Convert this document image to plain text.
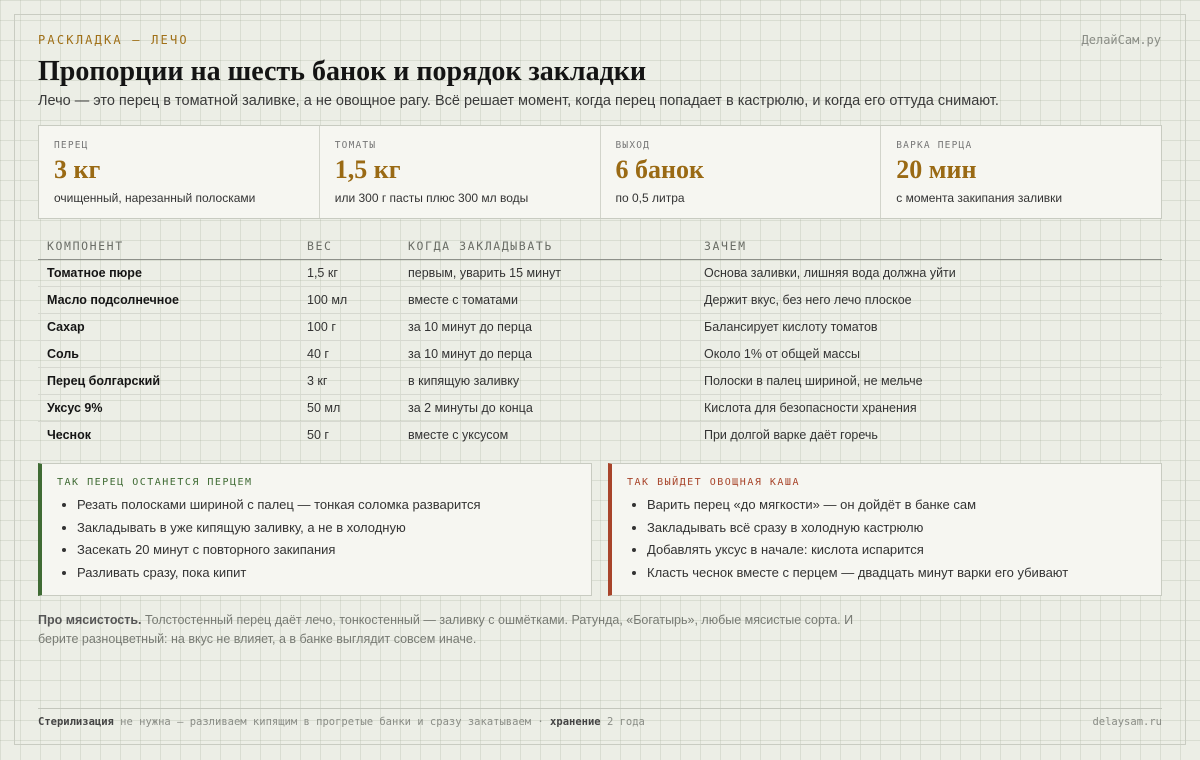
РАСКЛАДКА — ЛЕЧО	ДелайСам.ру
Пропорции на шесть банок и порядок закладки

Лечо — это перец в томатной заливке, а не овощное рагу. Всё решает момент, когда перец попадает в кастрюлю, и когда его оттуда снимают.

ПЕРЕЦ
3 кг
очищенный, нарезанный полосками
ТОМАТЫ
1,5 кг
или 300 г пасты плюс 300 мл воды
ВЫХОД
6 банок
по 0,5 литра
ВАРКА ПЕРЦА
20 мин
с момента закипания заливки
КОМПОНЕНТ	ВЕС	КОГДА ЗАКЛАДЫВАТЬ	ЗАЧЕМ
Томатное пюре	1,5 кг	первым, уварить 15 минут	Основа заливки, лишняя вода должна уйти
Масло подсолнечное	100 мл	вместе с томатами	Держит вкус, без него лечо плоское
Сахар	100 г	за 10 минут до перца	Балансирует кислоту томатов
Соль	40 г	за 10 минут до перца	Около 1% от общей массы
Перец болгарский	3 кг	в кипящую заливку	Полоски в палец шириной, не мельче
Уксус 9%	50 мл	за 2 минуты до конца	Кислота для безопасности хранения
Чеснок	50 г	вместе с уксусом	При долгой варке даёт горечь
ТАК ПЕРЕЦ ОСТАНЕТСЯ ПЕРЦЕМ
• Резать полосками шириной с палец — тонкая соломка разварится
• Закладывать в уже кипящую заливку, а не в холодную
• Засекать 20 минут с повторного закипания
• Разливать сразу, пока кипит
ТАК ВЫЙДЕТ ОВОЩНАЯ КАША
• Варить перец «до мягкости» — он дойдёт в банке сам
• Закладывать всё сразу в холодную кастрюлю
• Добавлять уксус в начале: кислота испарится
• Класть чеснок вместе с перцем — двадцать минут варки его убивают

Про мясистость. Толстостенный перец даёт лечо, тонкостенный — заливку с ошмётками. Ратунда, «Богатырь», любые мясистые сорта. И берите разноцветный: на вкус не влияет, а в банке выглядит совсем иначе.

Стерилизация не нужна — разливаем кипящим в прогретые банки и сразу закатываем · хранение 2 года	delaysam.ru
